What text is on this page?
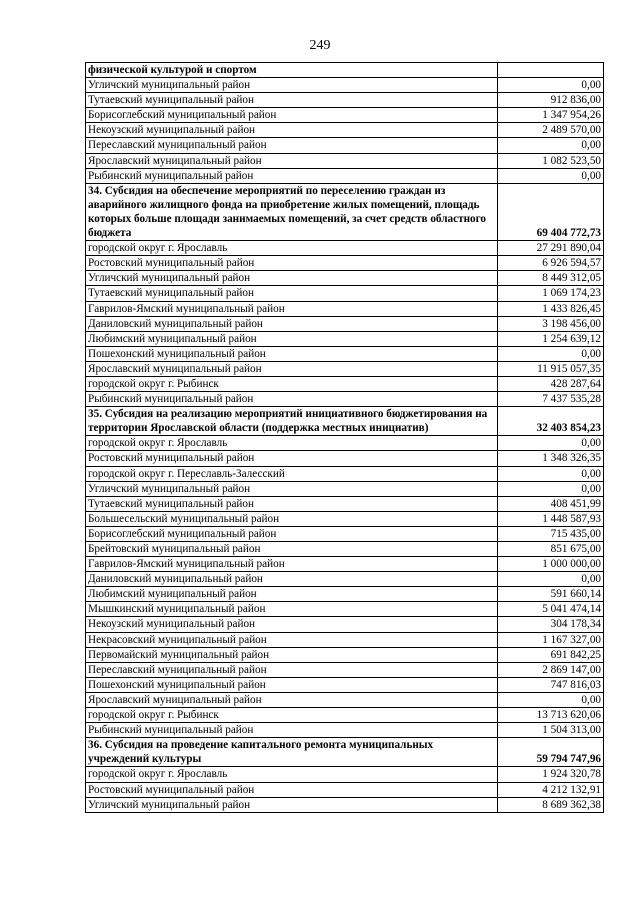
249
физической культурой и спортом	
Угличский муниципальный район	0,00
Тутаевский муниципальный район	912 836,00
Борисоглебский муниципальный район	1 347 954,26
Некоузский муниципальный район	2 489 570,00
Переславский муниципальный район	0,00
Ярославский муниципальный район	1 082 523,50
Рыбинский муниципальный район	0,00
34. Субсидия на обеспечение мероприятий по переселению граждан из аварийного жилищного фонда на приобретение жилых помещений, площадь которых больше площади занимаемых помещений, за счет средств областного бюджета	69 404 772,73
городской округ г. Ярославль	27 291 890,04
Ростовский муниципальный район	6 926 594,57
Угличский муниципальный район	8 449 312,05
Тутаевский муниципальный район	1 069 174,23
Гаврилов-Ямский муниципальный район	1 433 826,45
Даниловский муниципальный район	3 198 456,00
Любимский муниципальный район	1 254 639,12
Пошехонский муниципальный район	0,00
Ярославский муниципальный район	11 915 057,35
городской округ г. Рыбинск	428 287,64
Рыбинский муниципальный район	7 437 535,28
35. Субсидия на реализацию мероприятий инициативного бюджетирования на территории Ярославской области (поддержка местных инициатив)	32 403 854,23
городской округ г. Ярославль	0,00
Ростовский муниципальный район	1 348 326,35
городской округ г. Переславль-Залесский	0,00
Угличский муниципальный район	0,00
Тутаевский муниципальный район	408 451,99
Большесельский муниципальный район	1 448 587,93
Борисоглебский муниципальный район	715 435,00
Брейтовский муниципальный район	851 675,00
Гаврилов-Ямский муниципальный район	1 000 000,00
Даниловский муниципальный район	0,00
Любимский муниципальный район	591 660,14
Мышкинский муниципальный район	5 041 474,14
Некоузский муниципальный район	304 178,34
Некрасовский муниципальный район	1 167 327,00
Первомайский муниципальный район	691 842,25
Переславский муниципальный район	2 869 147,00
Пошехонский муниципальный район	747 816,03
Ярославский муниципальный район	0,00
городской округ г. Рыбинск	13 713 620,06
Рыбинский муниципальный район	1 504 313,00
36. Субсидия на проведение капитального ремонта муниципальных учреждений культуры	59 794 747,96
городской округ г. Ярославль	1 924 320,78
Ростовский муниципальный район	4 212 132,91
Угличский муниципальный район	8 689 362,38
